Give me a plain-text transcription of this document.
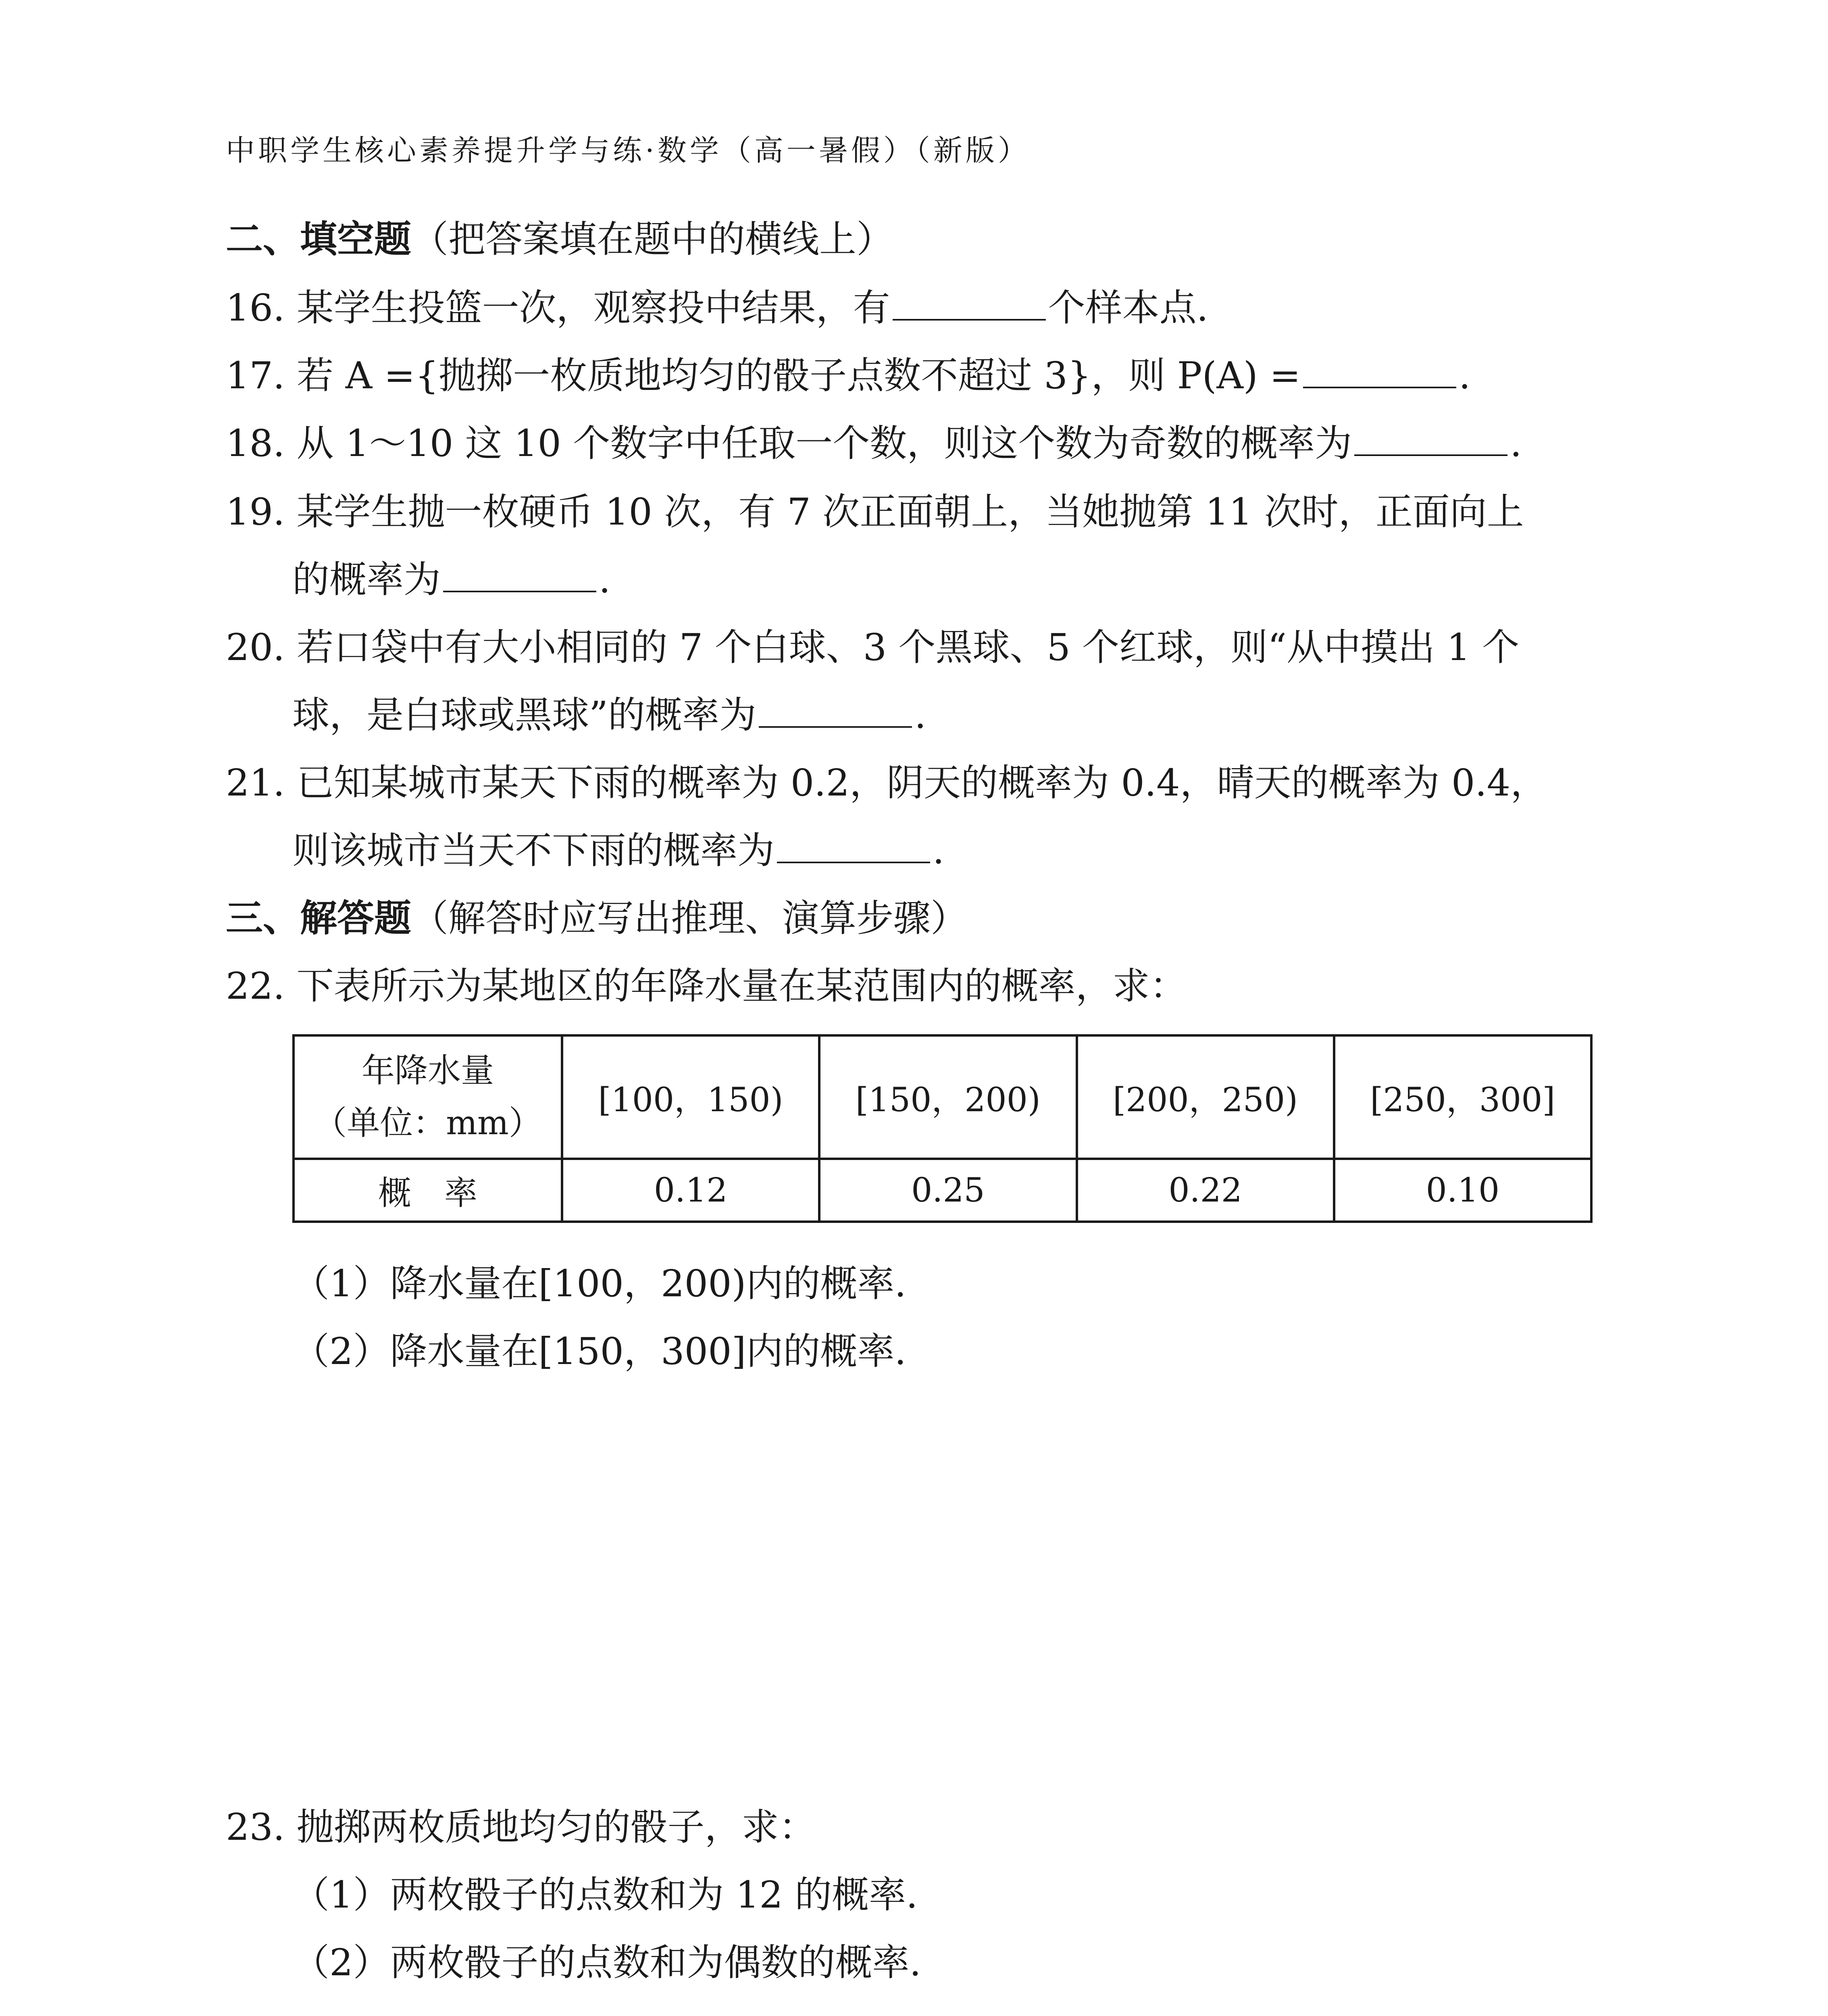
中职学生核心素养提升学与练·数学（高一暑假）（新版）
二、填空题（把答案填在题中的横线上）
16. 某学生投篮一次，观察投中结果，有	个样本点.
17. 若 A ={抛掷一枚质地均匀的骰子点数不超过 3}，则 P(A) =	.
18. 从 1～10 这 10 个数字中任取一个数，则这个数为奇数的概率为	.
19. 某学生抛一枚硬币 10 次，有 7 次正面朝上，当她抛第 11 次时，正面向上
的概率为	.
20. 若口袋中有大小相同的 7 个白球、3 个黑球、5 个红球，则“从中摸出 1 个
球，是白球或黑球”的概率为	.
21. 已知某城市某天下雨的概率为 0.2，阴天的概率为 0.4，晴天的概率为 0.4，
则该城市当天不下雨的概率为	.
三、解答题（解答时应写出推理、演算步骤）
22. 下表所示为某地区的年降水量在某范围内的概率，求：
年降水量
（单位：mm）	[100，150)	[150，200)	[200，250)	[250，300]
概　率	0.12	0.25	0.22	0.10
（1）降水量在[100，200)内的概率.
（2）降水量在[150，300]内的概率.
23. 抛掷两枚质地均匀的骰子，求：
（1）两枚骰子的点数和为 12 的概率.
（2）两枚骰子的点数和为偶数的概率.
